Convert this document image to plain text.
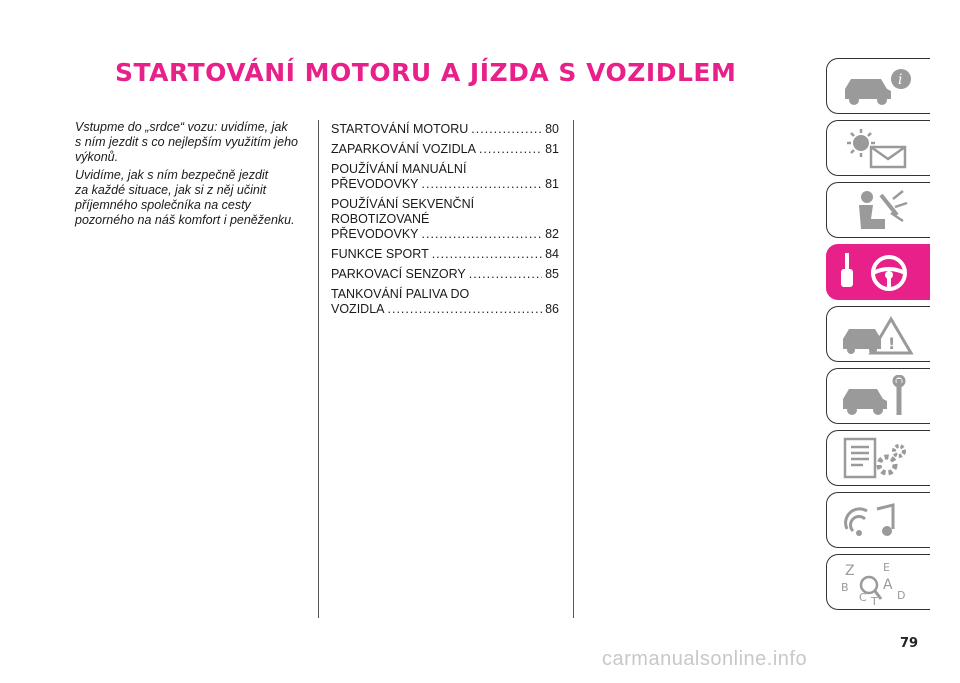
STARTOVÁNÍ MOTORU A JÍZDA S VOZIDLEM

Vstupme do „srdce“ vozu: uvidíme, jak
s ním jezdit s co nejlepším využitím jeho
výkonů.

Uvidíme, jak s ním bezpečně jezdit
za každé situace, jak si z něj učinit
příjemného společníka na cesty
pozorného na náš komfort i peněženku.

STARTOVÁNÍ MOTORU .....	80
ZAPARKOVÁNÍ VOZIDLA .....	81
POUŽÍVÁNÍ MANUÁLNÍ
PŘEVODOVKY .....	81
POUŽÍVÁNÍ SEKVENČNÍ
ROBOTIZOVANÉ
PŘEVODOVKY .....	82
FUNKCE SPORT .....	84
PARKOVACÍ SENZORY .....	85
TANKOVÁNÍ PALIVA DO
VOZIDLA .....	86
i
!
Z	E
A
B
C	D
T
79
carmanualsonline.info
